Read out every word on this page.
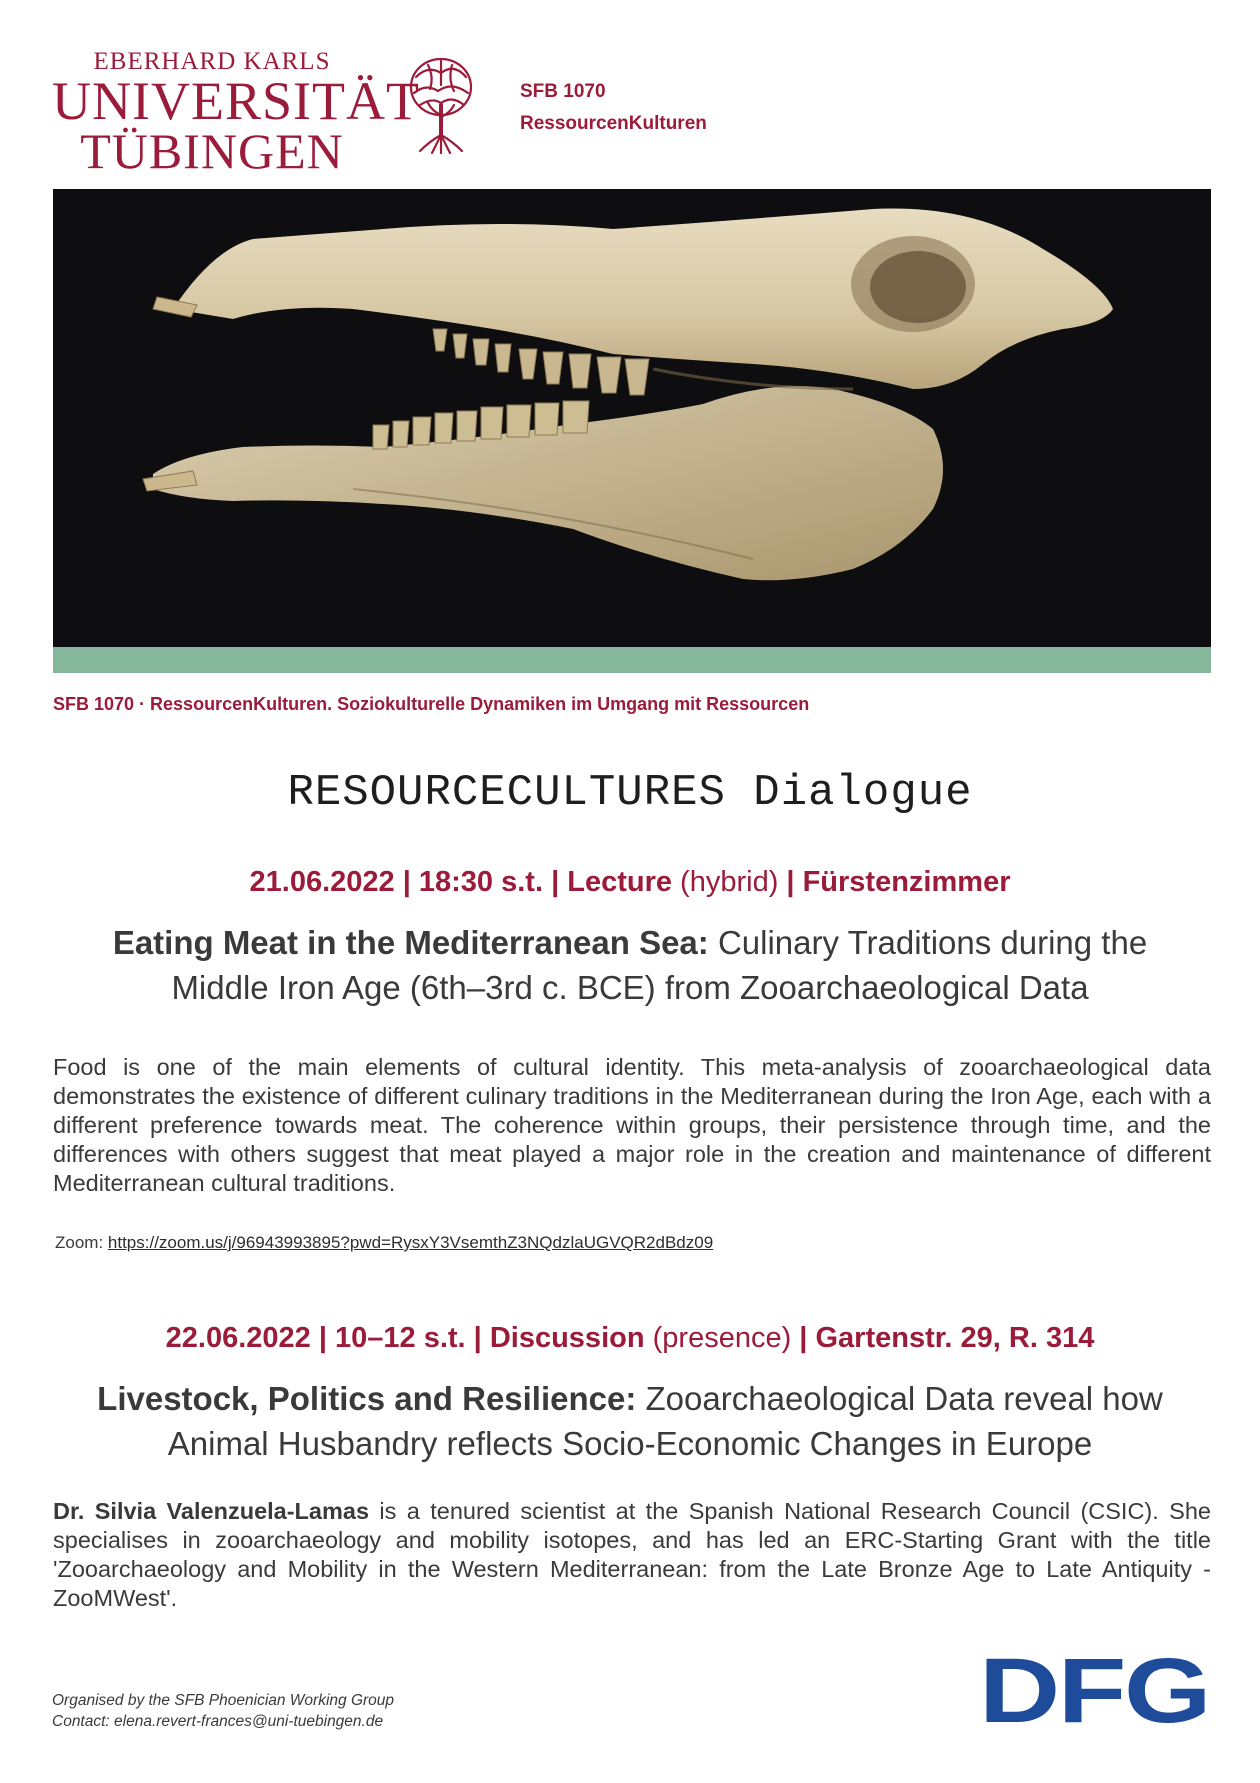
EBERHARD KARLS
UNIVERSITÄT
TÜBINGEN
SFB 1070
RessourcenKulturen
SFB 1070 · RessourcenKulturen. Soziokulturelle Dynamiken im Umgang mit Ressourcen
RESOURCECULTURES Dialogue
21.06.2022 | 18:30 s.t. | Lecture (hybrid) | Fürstenzimmer
Eating Meat in the Mediterranean Sea: Culinary Traditions during the Middle Iron Age (6th–3rd c. BCE) from Zooarchaeological Data
Food is one of the main elements of cultural identity. This meta-analysis of zooarchaeological data demonstrates the existence of different culinary traditions in the Mediterranean during the Iron Age, each with a different preference towards meat. The coherence within groups, their persistence through time, and the differences with others suggest that meat played a major role in the creation and maintenance of different Mediterranean cultural traditions.
Zoom: https://zoom.us/j/96943993895?pwd=RysxY3VsemthZ3NQdzlaUGVQR2dBdz09
22.06.2022 | 10–12 s.t. | Discussion (presence) | Gartenstr. 29, R. 314
Livestock, Politics and Resilience: Zooarchaeological Data reveal how Animal Husbandry reflects Socio-Economic Changes in Europe
Dr. Silvia Valenzuela-Lamas is a tenured scientist at the Spanish National Research Council (CSIC). She specialises in zooarchaeology and mobility isotopes, and has led an ERC-Starting Grant with the title 'Zooarchaeology and Mobility in the Western Mediterranean: from the Late Bronze Age to Late Antiquity - ZooMWest'.
Organised by the SFB Phoenician Working Group
Contact: elena.revert-frances@uni-tuebingen.de	DFG
